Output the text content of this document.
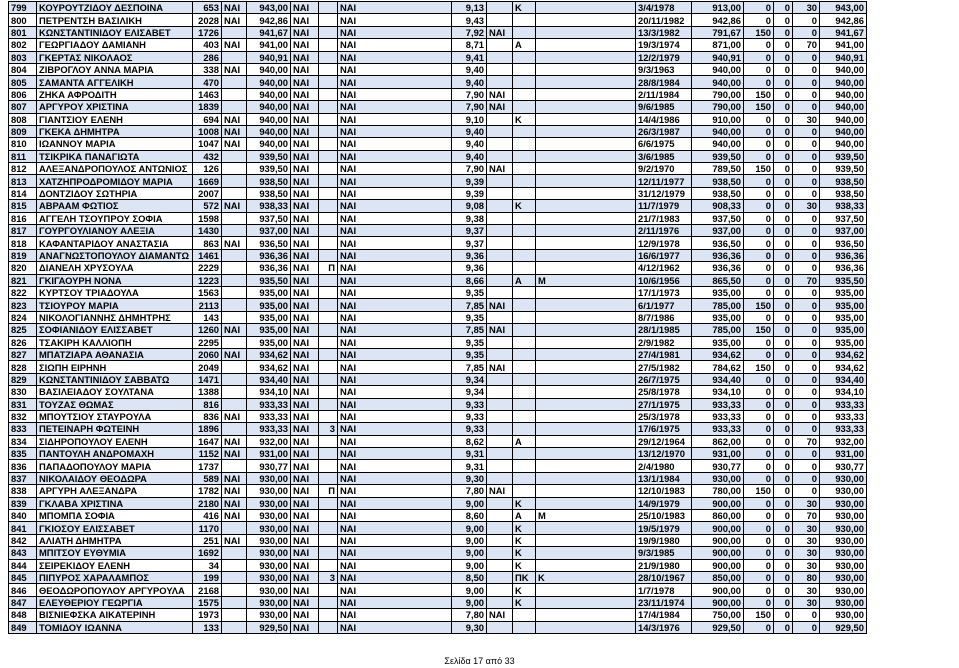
799	ΚΟΥΡΟΥΤΖΙΔΟΥ ΔΕΣΠΟΙΝΑ	653	ΝΑΙ	943,00	ΝΑΙ		ΝΑΙ	9,13		Κ		3/4/1978	913,00	0	0	30	943,00
800	ΠΕΤΡΕΝΤΣΗ ΒΑΣΙΛΙΚΗ	2028	ΝΑΙ	942,86	ΝΑΙ		ΝΑΙ	9,43				20/11/1982	942,86	0	0	0	942,86
801	ΚΩΝΣΤΑΝΤΙΝΙΔΟΥ ΕΛΙΣΑΒΕΤ	1726		941,67	ΝΑΙ		ΝΑΙ	7,92	ΝΑΙ			13/3/1982	791,67	150	0	0	941,67
802	ΓΕΩΡΓΙΑΔΟΥ ΔΑΜΙΑΝΗ	403	ΝΑΙ	941,00	ΝΑΙ		ΝΑΙ	8,71		Α		19/3/1974	871,00	0	0	70	941,00
803	ΓΚΕΡΤΑΣ ΝΙΚΟΛΑΟΣ	286		940,91	ΝΑΙ		ΝΑΙ	9,41				12/2/1979	940,91	0	0	0	940,91
804	ΖΙΒΡΟΓΛΟΥ ΑΝΝΑ ΜΑΡΙΑ	338	ΝΑΙ	940,00	ΝΑΙ		ΝΑΙ	9,40				9/3/1963	940,00	0	0	0	940,00
805	ΣΑΜΑΝΤΑ ΑΓΓΕΛΙΚΗ	470		940,00	ΝΑΙ		ΝΑΙ	9,40				28/8/1984	940,00	0	0	0	940,00
806	ΖΗΚΑ ΑΦΡΟΔΙΤΗ	1463		940,00	ΝΑΙ		ΝΑΙ	7,90	ΝΑΙ			2/11/1984	790,00	150	0	0	940,00
807	ΑΡΓΥΡΟΥ ΧΡΙΣΤΙΝΑ	1839		940,00	ΝΑΙ		ΝΑΙ	7,90	ΝΑΙ			9/6/1985	790,00	150	0	0	940,00
808	ΓΙΑΝΤΣΙΟΥ ΕΛΕΝΗ	694	ΝΑΙ	940,00	ΝΑΙ		ΝΑΙ	9,10		Κ		14/4/1986	910,00	0	0	30	940,00
809	ΓΚΕΚΑ ΔΗΜΗΤΡΑ	1008	ΝΑΙ	940,00	ΝΑΙ		ΝΑΙ	9,40				26/3/1987	940,00	0	0	0	940,00
810	ΙΩΑΝΝΟΥ ΜΑΡΙΑ	1047	ΝΑΙ	940,00	ΝΑΙ		ΝΑΙ	9,40				6/6/1975	940,00	0	0	0	940,00
811	ΤΣΙΚΡΙΚΑ ΠΑΝΑΓΙΩΤΑ	432		939,50	ΝΑΙ		ΝΑΙ	9,40				3/6/1985	939,50	0	0	0	939,50
812	ΑΛΕΞΑΝΔΡΟΠΟΥΛΟΣ ΑΝΤΩΝΙΟΣ	126		939,50	ΝΑΙ		ΝΑΙ	7,90	ΝΑΙ			9/2/1970	789,50	150	0	0	939,50
813	ΧΑΤΖΗΠΡΟΔΡΟΜΙΔΟΥ ΜΑΡΙΑ	1669		938,50	ΝΑΙ		ΝΑΙ	9,39				12/11/1977	938,50	0	0	0	938,50
814	ΔΟΝΤΖΙΔΟΥ ΣΩΤΗΡΙΑ	2007		938,50	ΝΑΙ		ΝΑΙ	9,39				31/12/1979	938,50	0	0	0	938,50
815	ΑΒΡΑΑΜ ΦΩΤΙΟΣ	572	ΝΑΙ	938,33	ΝΑΙ		ΝΑΙ	9,08		Κ		11/7/1979	908,33	0	0	30	938,33
816	ΑΓΓΕΛΗ ΤΣΟΥΠΡΟΥ ΣΟΦΙΑ	1598		937,50	ΝΑΙ		ΝΑΙ	9,38				21/7/1983	937,50	0	0	0	937,50
817	ΓΟΥΡΓΟΥΛΙΑΝΟΥ ΑΛΕΞΙΑ	1430		937,00	ΝΑΙ		ΝΑΙ	9,37				2/11/1976	937,00	0	0	0	937,00
818	ΚΑΦΑΝΤΑΡΙΔΟΥ ΑΝΑΣΤΑΣΙΑ	863	ΝΑΙ	936,50	ΝΑΙ		ΝΑΙ	9,37				12/9/1978	936,50	0	0	0	936,50
819	ΑΝΑΓΝΩΣΤΟΠΟΥΛΟΥ ΔΙΑΜΑΝΤΩ	1461		936,36	ΝΑΙ		ΝΑΙ	9,36				16/6/1977	936,36	0	0	0	936,36
820	ΔΙΑΝΕΛΗ ΧΡΥΣΟΥΛΑ	2229		936,36	ΝΑΙ	Π	ΝΑΙ	9,36				4/12/1962	936,36	0	0	0	936,36
821	ΓΚΙΓΑΟΥΡΗ ΝΟΝΑ	1223		935,50	ΝΑΙ		ΝΑΙ	8,66		Α	Μ	10/6/1956	865,50	0	0	70	935,50
822	ΚΥΡΤΣΟΥ ΤΡΙΑΔΟΥΛΑ	1563		935,00	ΝΑΙ		ΝΑΙ	9,35				17/1/1973	935,00	0	0	0	935,00
823	ΤΣΙΟΥΡΟΥ ΜΑΡΙΑ	2113		935,00	ΝΑΙ		ΝΑΙ	7,85	ΝΑΙ			6/1/1977	785,00	150	0	0	935,00
824	ΝΙΚΟΛΟΓΙΑΝΝΗΣ ΔΗΜΗΤΡΗΣ	143		935,00	ΝΑΙ		ΝΑΙ	9,35				8/7/1986	935,00	0	0	0	935,00
825	ΣΟΦΙΑΝΙΔΟΥ ΕΛΙΣΣΑΒΕΤ	1260	ΝΑΙ	935,00	ΝΑΙ		ΝΑΙ	7,85	ΝΑΙ			28/1/1985	785,00	150	0	0	935,00
826	ΤΣΑΚΙΡΗ ΚΑΛΛΙΟΠΗ	2295		935,00	ΝΑΙ		ΝΑΙ	9,35				2/9/1982	935,00	0	0	0	935,00
827	ΜΠΑΤΖΙΑΡΑ ΑΘΑΝΑΣΙΑ	2060	ΝΑΙ	934,62	ΝΑΙ		ΝΑΙ	9,35				27/4/1981	934,62	0	0	0	934,62
828	ΣΙΩΠΗ ΕΙΡΗΝΗ	2049		934,62	ΝΑΙ		ΝΑΙ	7,85	ΝΑΙ			27/5/1982	784,62	150	0	0	934,62
829	ΚΩΝΣΤΑΝΤΙΝΙΔΟΥ ΣΑΒΒΑΤΩ	1471		934,40	ΝΑΙ		ΝΑΙ	9,34				26/7/1975	934,40	0	0	0	934,40
830	ΒΑΣΙΛΕΙΑΔΟΥ ΣΟΥΛΤΑΝΑ	1388		934,10	ΝΑΙ		ΝΑΙ	9,34				25/8/1978	934,10	0	0	0	934,10
831	ΤΟΥΖΑΣ ΘΩΜΑΣ	816		933,33	ΝΑΙ		ΝΑΙ	9,33				27/1/1975	933,33	0	0	0	933,33
832	ΜΠΟΥΤΣΙΟΥ ΣΤΑΥΡΟΥΛΑ	836	ΝΑΙ	933,33	ΝΑΙ		ΝΑΙ	9,33				25/3/1978	933,33	0	0	0	933,33
833	ΠΕΤΕΙΝΑΡΗ ΦΩΤΕΙΝΗ	1896		933,33	ΝΑΙ	3	ΝΑΙ	9,33				17/6/1975	933,33	0	0	0	933,33
834	ΣΙΔΗΡΟΠΟΥΛΟΥ ΕΛΕΝΗ	1647	ΝΑΙ	932,00	ΝΑΙ		ΝΑΙ	8,62		Α		29/12/1964	862,00	0	0	70	932,00
835	ΠΑΝΤΟΥΛΗ ΑΝΔΡΟΜΑΧΗ	1152	ΝΑΙ	931,00	ΝΑΙ		ΝΑΙ	9,31				13/12/1970	931,00	0	0	0	931,00
836	ΠΑΠΑΔΟΠΟΥΛΟΥ ΜΑΡΙΑ	1737		930,77	ΝΑΙ		ΝΑΙ	9,31				2/4/1980	930,77	0	0	0	930,77
837	ΝΙΚΟΛΑΙΔΟΥ ΘΕΟΔΩΡΑ	589	ΝΑΙ	930,00	ΝΑΙ		ΝΑΙ	9,30				13/1/1984	930,00	0	0	0	930,00
838	ΑΡΓΥΡΗ ΑΛΕΞΑΝΔΡΑ	1782	ΝΑΙ	930,00	ΝΑΙ	Π	ΝΑΙ	7,80	ΝΑΙ			12/10/1983	780,00	150	0	0	930,00
839	ΓΚΛΑΒΑ ΧΡΙΣΤΙΝΑ	2180	ΝΑΙ	930,00	ΝΑΙ		ΝΑΙ	9,00		Κ		14/9/1979	900,00	0	0	30	930,00
840	ΜΠΟΜΠΑ ΣΟΦΙΑ	416	ΝΑΙ	930,00	ΝΑΙ		ΝΑΙ	8,60		Α	Μ	25/10/1983	860,00	0	0	70	930,00
841	ΓΚΙΟΣΟΥ ΕΛΙΣΣΑΒΕΤ	1170		930,00	ΝΑΙ		ΝΑΙ	9,00		Κ		19/5/1979	900,00	0	0	30	930,00
842	ΑΛΙΑΤΗ ΔΗΜΗΤΡΑ	251	ΝΑΙ	930,00	ΝΑΙ		ΝΑΙ	9,00		Κ		19/9/1980	900,00	0	0	30	930,00
843	ΜΠΙΤΣΟΥ ΕΥΘΥΜΙΑ	1692		930,00	ΝΑΙ		ΝΑΙ	9,00		Κ		9/3/1985	900,00	0	0	30	930,00
844	ΣΕΙΡΕΚΙΔΟΥ ΕΛΕΝΗ	34		930,00	ΝΑΙ		ΝΑΙ	9,00		Κ		21/9/1980	900,00	0	0	30	930,00
845	ΠΙΠΥΡΟΣ ΧΑΡΑΛΑΜΠΟΣ	199		930,00	ΝΑΙ	3	ΝΑΙ	8,50		ΠΚ	Κ	28/10/1967	850,00	0	0	80	930,00
846	ΘΕΟΔΩΡΟΠΟΥΛΟΥ ΑΡΓΥΡΟΥΛΑ	2168		930,00	ΝΑΙ		ΝΑΙ	9,00		Κ		1/7/1978	900,00	0	0	30	930,00
847	ΕΛΕΥΘΕΡΙΟΥ ΓΕΩΡΓΙΑ	1575		930,00	ΝΑΙ		ΝΑΙ	9,00		Κ		23/11/1974	900,00	0	0	30	930,00
848	ΒΙΣΝΙΕΦΣΚΑ ΑΙΚΑΤΕΡΙΝΗ	1973		930,00	ΝΑΙ		ΝΑΙ	7,80	ΝΑΙ			17/4/1984	750,00	150	0	0	930,00
849	ΤΟΜΙΔΟΥ ΙΩΑΝΝΑ	133		929,50	ΝΑΙ		ΝΑΙ	9,30				14/3/1976	929,50	0	0	0	929,50
Σελίδα 17 από 33
